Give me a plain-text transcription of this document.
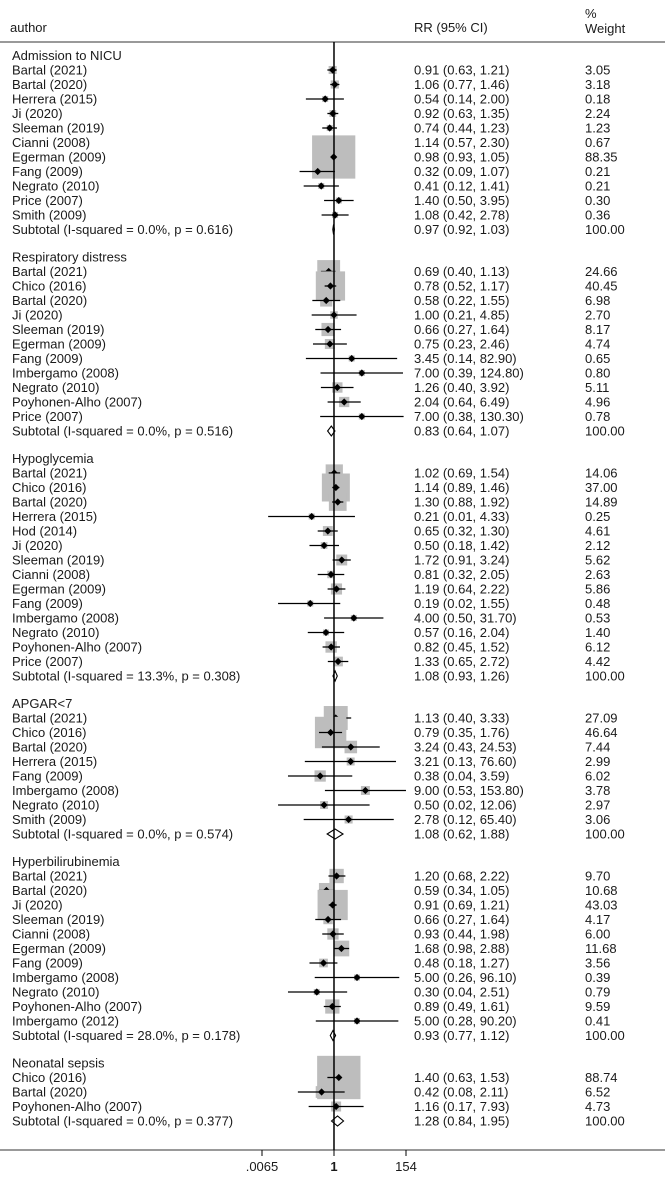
author	RR (95% CI)
%
Weight
Admission to NICU
Bartal (2021)	0.91 (0.63, 1.21)	3.05
Bartal (2020)	1.06 (0.77, 1.46)	3.18
Herrera (2015)	0.54 (0.14, 2.00)	0.18
Ji (2020)	0.92 (0.63, 1.35)	2.24
Sleeman (2019)	0.74 (0.44, 1.23)	1.23
Cianni (2008)	1.14 (0.57, 2.30)	0.67
Egerman (2009)	0.98 (0.93, 1.05)	88.35
Fang (2009)	0.32 (0.09, 1.07)	0.21
Negrato (2010)	0.41 (0.12, 1.41)	0.21
Price (2007)	1.40 (0.50, 3.95)	0.30
Smith (2009)	1.08 (0.42, 2.78)	0.36
Subtotal (I-squared = 0.0%, p = 0.616)	0.97 (0.92, 1.03)	100.00
Respiratory distress
Bartal (2021)	0.69 (0.40, 1.13)	24.66
Chico (2016)	0.78 (0.52, 1.17)	40.45
Bartal (2020)	0.58 (0.22, 1.55)	6.98
Ji (2020)	1.00 (0.21, 4.85)	2.70
Sleeman (2019)	0.66 (0.27, 1.64)	8.17
Egerman (2009)	0.75 (0.23, 2.46)	4.74
Fang (2009)	3.45 (0.14, 82.90)	0.65
Imbergamo (2008)	7.00 (0.39, 124.80)	0.80
Negrato (2010)	1.26 (0.40, 3.92)	5.11
Poyhonen-Alho (2007)	2.04 (0.64, 6.49)	4.96
Price (2007)	7.00 (0.38, 130.30)	0.78
Subtotal (I-squared = 0.0%, p = 0.516)	0.83 (0.64, 1.07)	100.00
Hypoglycemia
Bartal (2021)	1.02 (0.69, 1.54)	14.06
Chico (2016)	1.14 (0.89, 1.46)	37.00
Bartal (2020)	1.30 (0.88, 1.92)	14.89
Herrera (2015)	0.21 (0.01, 4.33)	0.25
Hod (2014)	0.65 (0.32, 1.30)	4.61
Ji (2020)	0.50 (0.18, 1.42)	2.12
Sleeman (2019)	1.72 (0.91, 3.24)	5.62
Cianni (2008)	0.81 (0.32, 2.05)	2.63
Egerman (2009)	1.19 (0.64, 2.22)	5.86
Fang (2009)	0.19 (0.02, 1.55)	0.48
Imbergamo (2008)	4.00 (0.50, 31.70)	0.53
Negrato (2010)	0.57 (0.16, 2.04)	1.40
Poyhonen-Alho (2007)	0.82 (0.45, 1.52)	6.12
Price (2007)	1.33 (0.65, 2.72)	4.42
Subtotal (I-squared = 13.3%, p = 0.308)	1.08 (0.93, 1.26)	100.00
APGAR<7
Bartal (2021)	1.13 (0.40, 3.33)	27.09
Chico (2016)	0.79 (0.35, 1.76)	46.64
Bartal (2020)	3.24 (0.43, 24.53)	7.44
Herrera (2015)	3.21 (0.13, 76.60)	2.99
Fang (2009)	0.38 (0.04, 3.59)	6.02
Imbergamo (2008)	9.00 (0.53, 153.80)	3.78
Negrato (2010)	0.50 (0.02, 12.06)	2.97
Smith (2009)	2.78 (0.12, 65.40)	3.06
Subtotal (I-squared = 0.0%, p = 0.574)	1.08 (0.62, 1.88)	100.00
Hyperbilirubinemia
Bartal (2021)	1.20 (0.68, 2.22)	9.70
Bartal (2020)	0.59 (0.34, 1.05)	10.68
Ji (2020)	0.91 (0.69, 1.21)	43.03
Sleeman (2019)	0.66 (0.27, 1.64)	4.17
Cianni (2008)	0.93 (0.44, 1.98)	6.00
Egerman (2009)	1.68 (0.98, 2.88)	11.68
Fang (2009)	0.48 (0.18, 1.27)	3.56
Imbergamo (2008)	5.00 (0.26, 96.10)	0.39
Negrato (2010)	0.30 (0.04, 2.51)	0.79
Poyhonen-Alho (2007)	0.89 (0.49, 1.61)	9.59
Imbergamo (2012)	5.00 (0.28, 90.20)	0.41
Subtotal (I-squared = 28.0%, p = 0.178)	0.93 (0.77, 1.12)	100.00
Neonatal sepsis
Chico (2016)	1.40 (0.63, 1.53)	88.74
Bartal (2020)	0.42 (0.08, 2.11)	6.52
Poyhonen-Alho (2007)	1.16 (0.17, 7.93)	4.73
Subtotal (I-squared = 0.0%, p = 0.377)	1.28 (0.84, 1.95)	100.00
.0065	1	154
